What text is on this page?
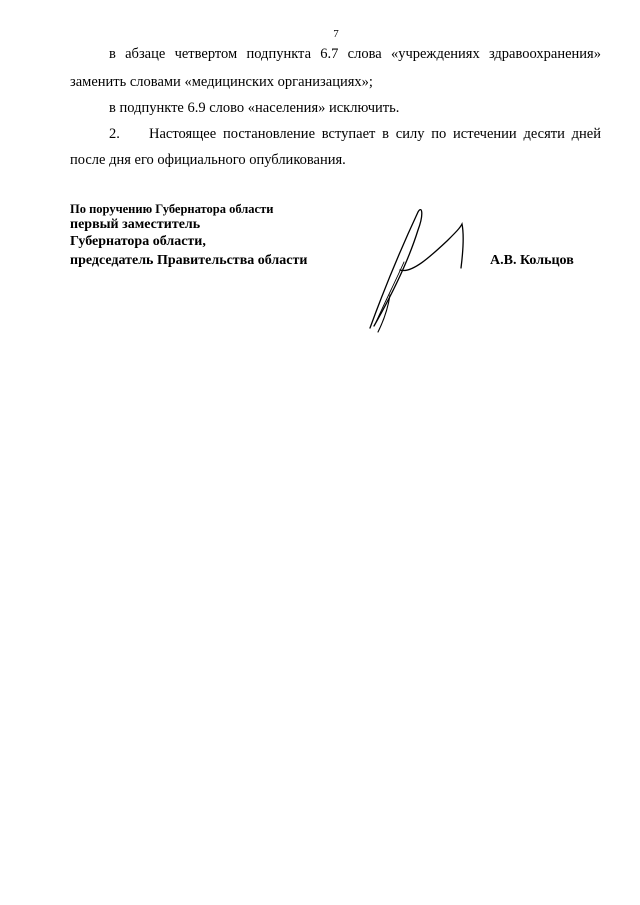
7
в абзаце четвертом подпункта 6.7 слова «учреждениях здравоохранения»
заменить словами «медицинских организациях»;
в подпункте 6.9 слово «населения» исключить.
2.	Настоящее постановление вступает в силу по истечении десяти дней
после дня его официального опубликования.
По поручению Губернатора области
первый заместитель
Губернатора области,
председатель Правительства области	А.В. Кольцов
